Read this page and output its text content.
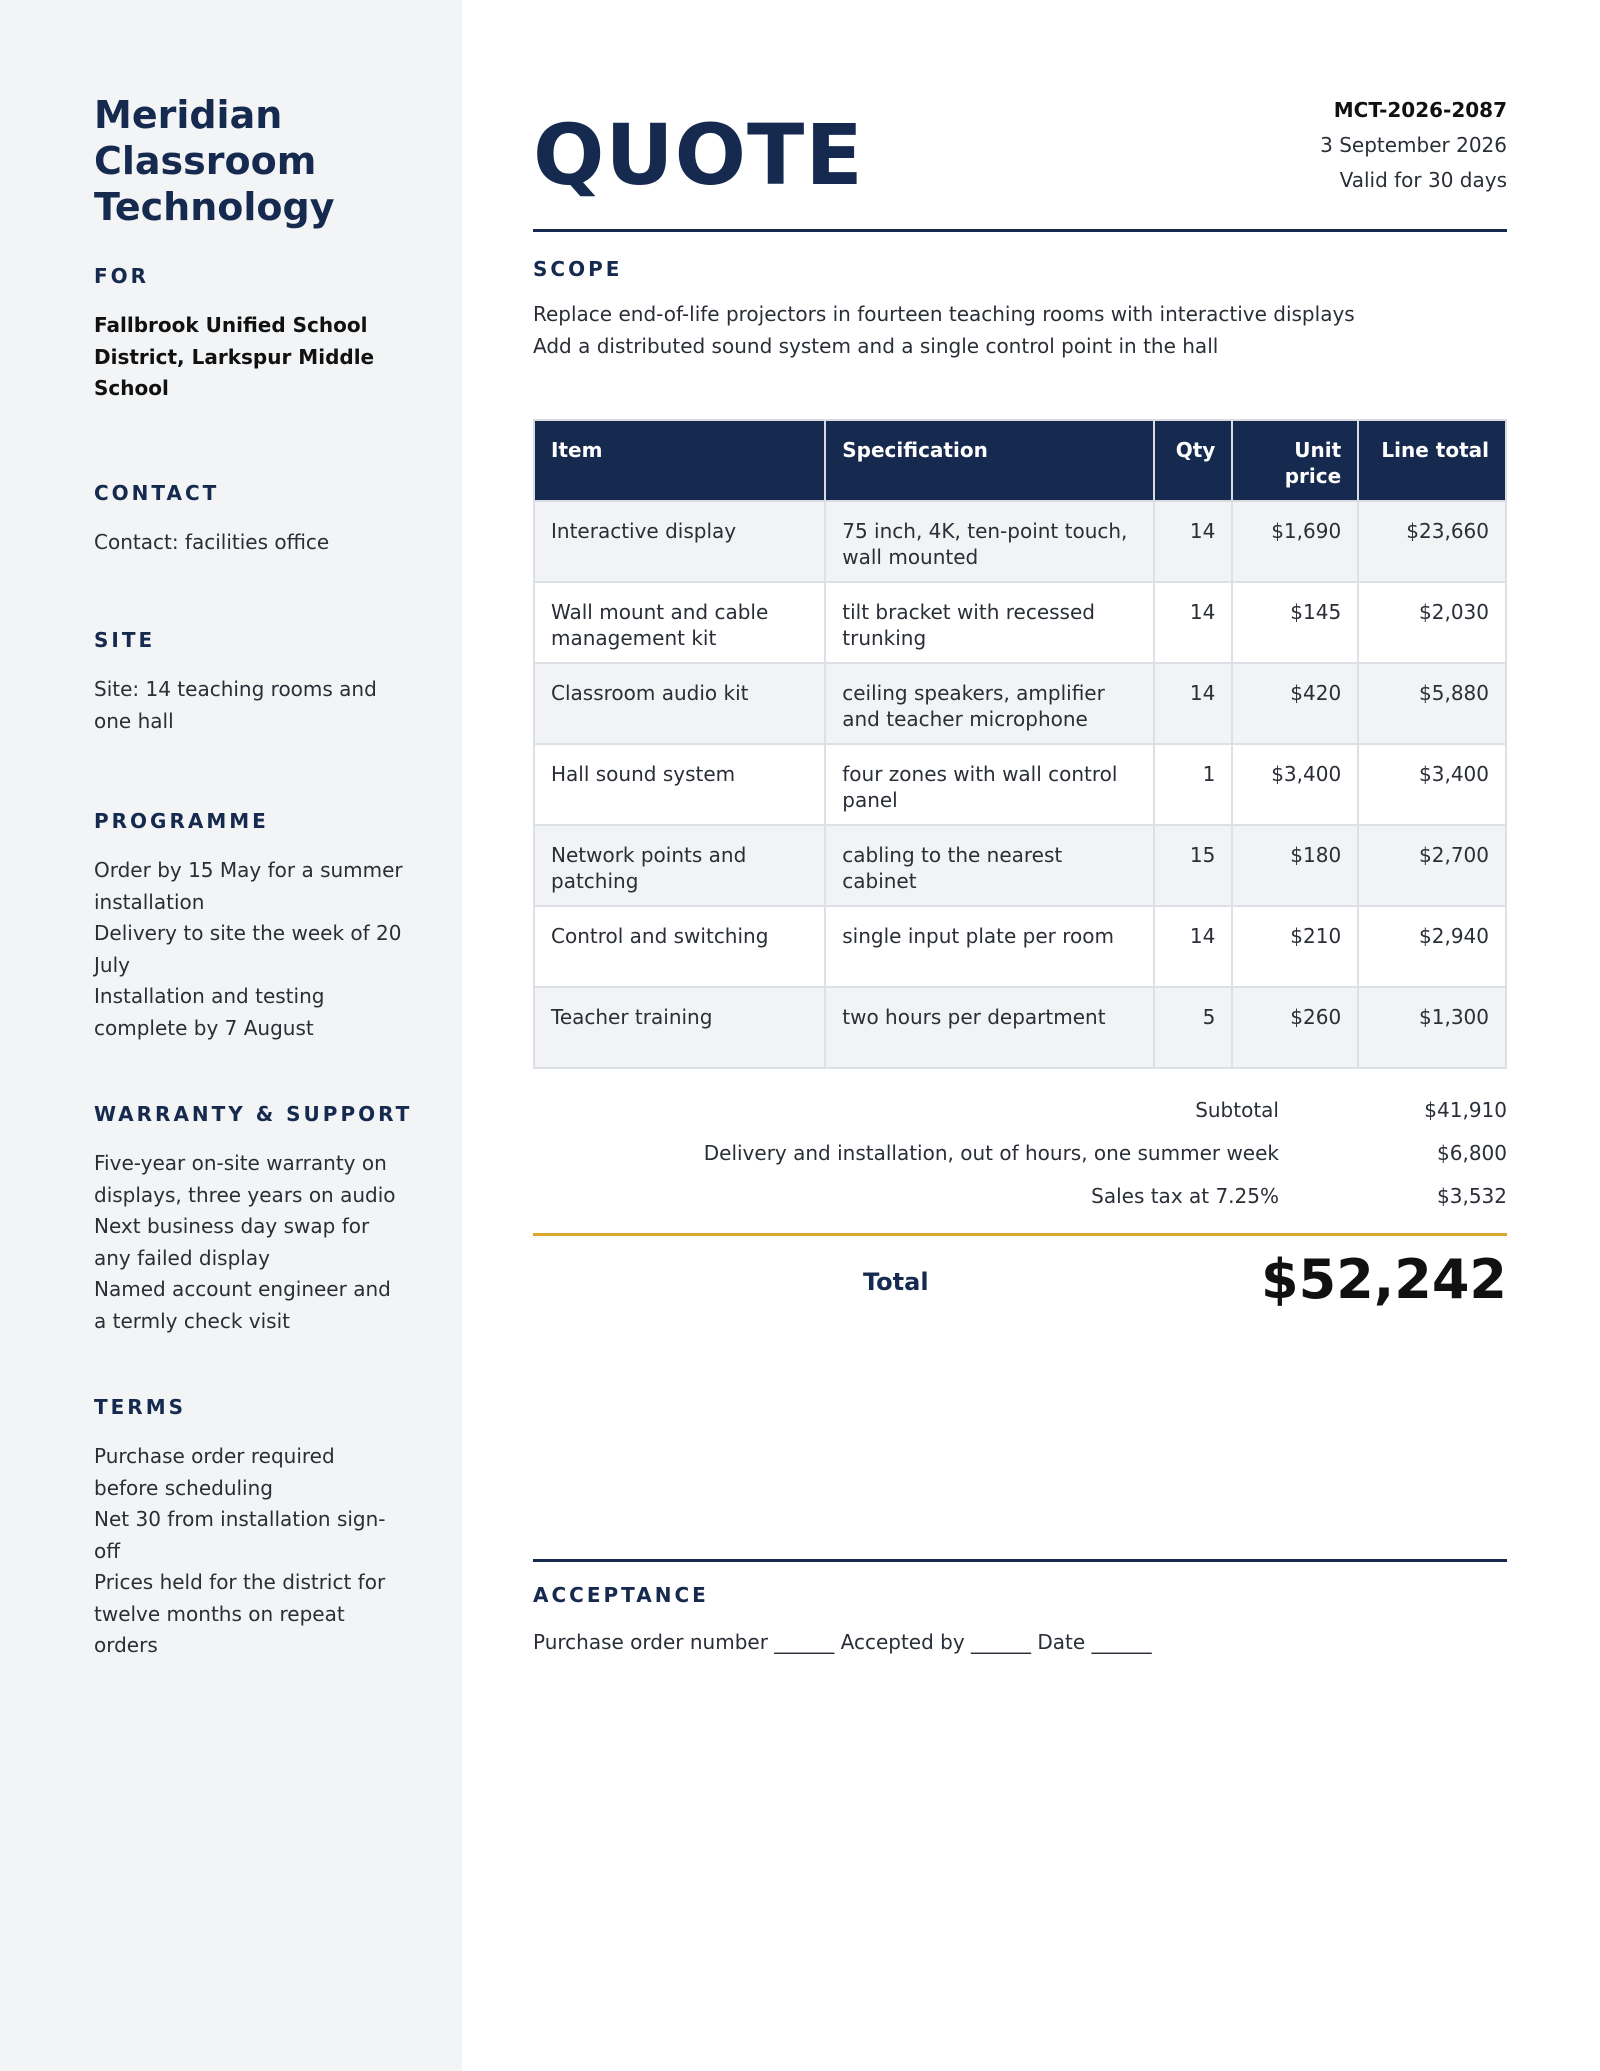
Meridian Classroom Technology
FOR
Fallbrook Unified School District, Larkspur Middle School
CONTACT
Contact: facilities office
SITE
Site: 14 teaching rooms and one hall
PROGRAMME
Order by 15 May for a summer installation
Delivery to site the week of 20 July
Installation and testing complete by 7 August
WARRANTY & SUPPORT
Five-year on-site warranty on displays, three years on audio
Next business day swap for any failed display
Named account engineer and a termly check visit
TERMS
Purchase order required before scheduling
Net 30 from installation sign-off
Prices held for the district for twelve months on repeat orders
QUOTE	MCT-2026-2087
3 September 2026
Valid for 30 days
SCOPE
Replace end-of-life projectors in fourteen teaching rooms with interactive displays
Add a distributed sound system and a single control point in the hall
Item	Specification	Qty	Unit price	Line total
Interactive display	75 inch, 4K, ten-point touch, wall mounted	14	$1,690	$23,660
Wall mount and cable management kit	tilt bracket with recessed trunking	14	$145	$2,030
Classroom audio kit	ceiling speakers, amplifier and teacher microphone	14	$420	$5,880
Hall sound system	four zones with wall control panel	1	$3,400	$3,400
Network points and patching	cabling to the nearest cabinet	15	$180	$2,700
Control and switching	single input plate per room	14	$210	$2,940
Teacher training	two hours per department	5	$260	$1,300
Subtotal	$41,910
Delivery and installation, out of hours, one summer week	$6,800
Sales tax at 7.25%	$3,532
Total	$52,242
ACCEPTANCE
Purchase order number ______ Accepted by ______ Date ______
